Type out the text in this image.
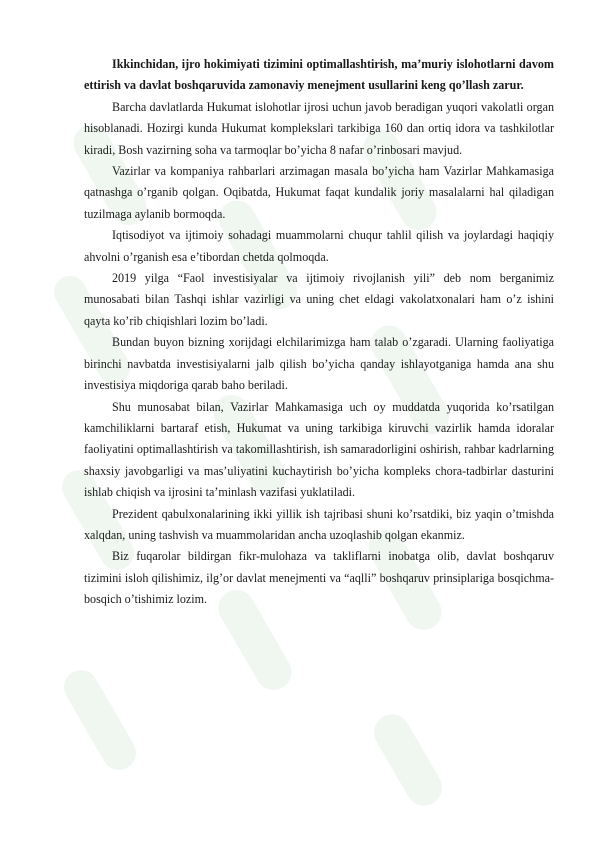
Ikkinchidan, ijro hokimiyati tizimini optimallashtirish, ma’muriy islohotlarni davom ettirish va davlat boshqaruvida zamonaviy menejment usullarini keng qo’llash zarur.

Barcha davlatlarda Hukumat islohotlar ijrosi uchun javob beradigan yuqori vakolatli organ hisoblanadi. Hozirgi kunda Hukumat komplekslari tarkibiga 160 dan ortiq idora va tashkilotlar kiradi, Bosh vazirning soha va tarmoqlar bo’yicha 8 nafar o’rinbosari mavjud.

Vazirlar va kompaniya rahbarlari arzimagan masala bo’yicha ham Vazirlar Mahkamasiga qatnashga o’rganib qolgan. Oqibatda, Hukumat faqat kundalik joriy masalalarni hal qiladigan tuzilmaga aylanib bormoqda.

Iqtisodiyot va ijtimoiy sohadagi muammolarni chuqur tahlil qilish va joylardagi haqiqiy ahvolni o’rganish esa e’tibordan chetda qolmoqda.

2019 yilga “Faol investisiyalar va ijtimoiy rivojlanish yili” deb nom berganimiz munosabati bilan Tashqi ishlar vazirligi va uning chet eldagi vakolatxonalari ham o’z ishini qayta ko’rib chiqishlari lozim bo’ladi.

Bundan buyon bizning xorijdagi elchilarimizga ham talab o’zgaradi. Ularning faoliyatiga birinchi navbatda investisiyalarni jalb qilish bo’yicha qanday ishlayotganiga hamda ana shu investisiya miqdoriga qarab baho beriladi.

Shu munosabat bilan, Vazirlar Mahkamasiga uch oy muddatda yuqorida ko’rsatilgan kamchiliklarni bartaraf etish, Hukumat va uning tarkibiga kiruvchi vazirlik hamda idoralar faoliyatini optimallashtirish va takomillashtirish, ish samaradorligini oshirish, rahbar kadrlarning shaxsiy javobgarligi va mas’uliyatini kuchaytirish bo’yicha kompleks chora-tadbirlar dasturini ishlab chiqish va ijrosini ta’minlash vazifasi yuklatiladi.

Prezident qabulxonalarining ikki yillik ish tajribasi shuni ko’rsatdiki, biz yaqin o’tmishda xalqdan, uning tashvish va muammolaridan ancha uzoqlashib qolgan ekanmiz.

Biz fuqarolar bildirgan fikr-mulohaza va takliflarni inobatga olib, davlat boshqaruv tizimini isloh qilishimiz, ilg’or davlat menejmenti va “aqlli” boshqaruv prinsiplariga bosqichma-bosqich o’tishimiz lozim.
